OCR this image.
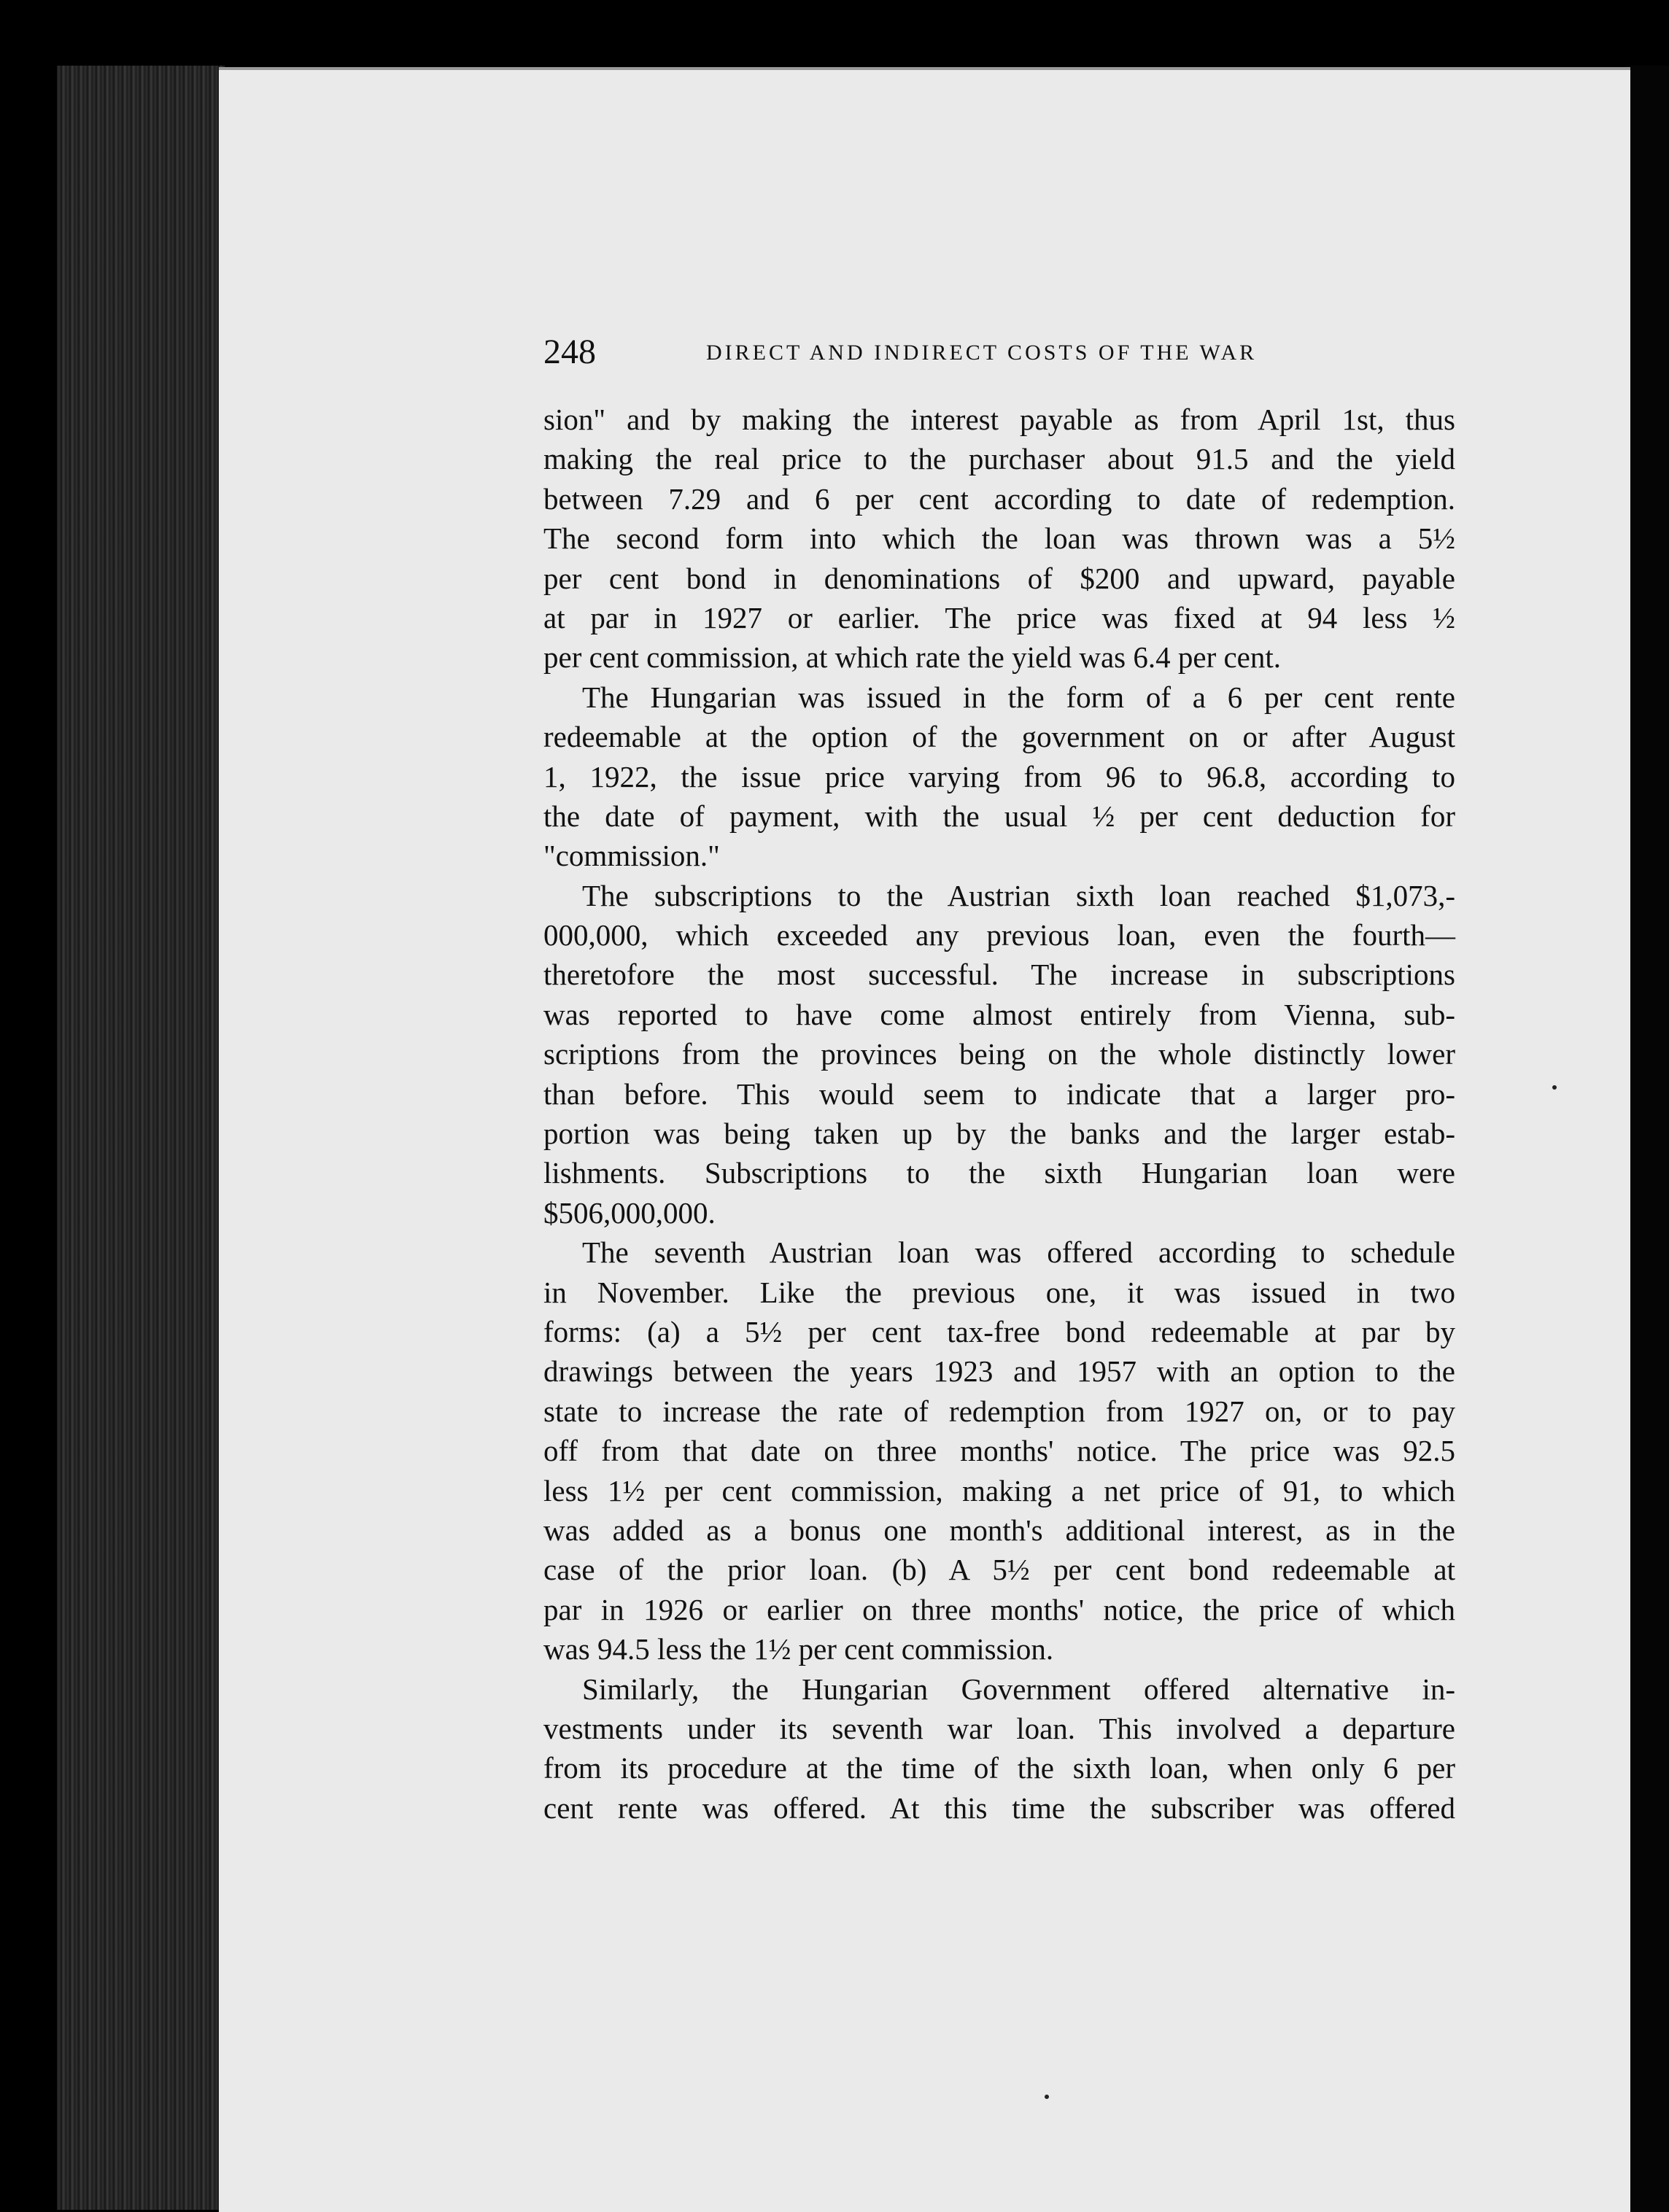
248	DIRECT AND INDIRECT COSTS OF THE WAR
sion" and by making the interest payable as from April 1st, thus
making the real price to the purchaser about 91.5 and the yield
between 7.29 and 6 per cent according to date of redemption.
The second form into which the loan was thrown was a 5½
per cent bond in denominations of $200 and upward, payable
at par in 1927 or earlier. The price was fixed at 94 less ½
per cent commission, at which rate the yield was 6.4 per cent.
The Hungarian was issued in the form of a 6 per cent rente
redeemable at the option of the government on or after August
1, 1922, the issue price varying from 96 to 96.8, according to
the date of payment, with the usual ½ per cent deduction for
"commission."
The subscriptions to the Austrian sixth loan reached $1,073,-
000,000, which exceeded any previous loan, even the fourth—
theretofore the most successful. The increase in subscriptions
was reported to have come almost entirely from Vienna, sub-
scriptions from the provinces being on the whole distinctly lower
than before. This would seem to indicate that a larger pro-
portion was being taken up by the banks and the larger estab-
lishments. Subscriptions to the sixth Hungarian loan were
$506,000,000.
The seventh Austrian loan was offered according to schedule
in November. Like the previous one, it was issued in two
forms: (a) a 5½ per cent tax-free bond redeemable at par by
drawings between the years 1923 and 1957 with an option to the
state to increase the rate of redemption from 1927 on, or to pay
off from that date on three months' notice. The price was 92.5
less 1½ per cent commission, making a net price of 91, to which
was added as a bonus one month's additional interest, as in the
case of the prior loan. (b) A 5½ per cent bond redeemable at
par in 1926 or earlier on three months' notice, the price of which
was 94.5 less the 1½ per cent commission.
Similarly, the Hungarian Government offered alternative in-
vestments under its seventh war loan. This involved a departure
from its procedure at the time of the sixth loan, when only 6 per
cent rente was offered. At this time the subscriber was offered
